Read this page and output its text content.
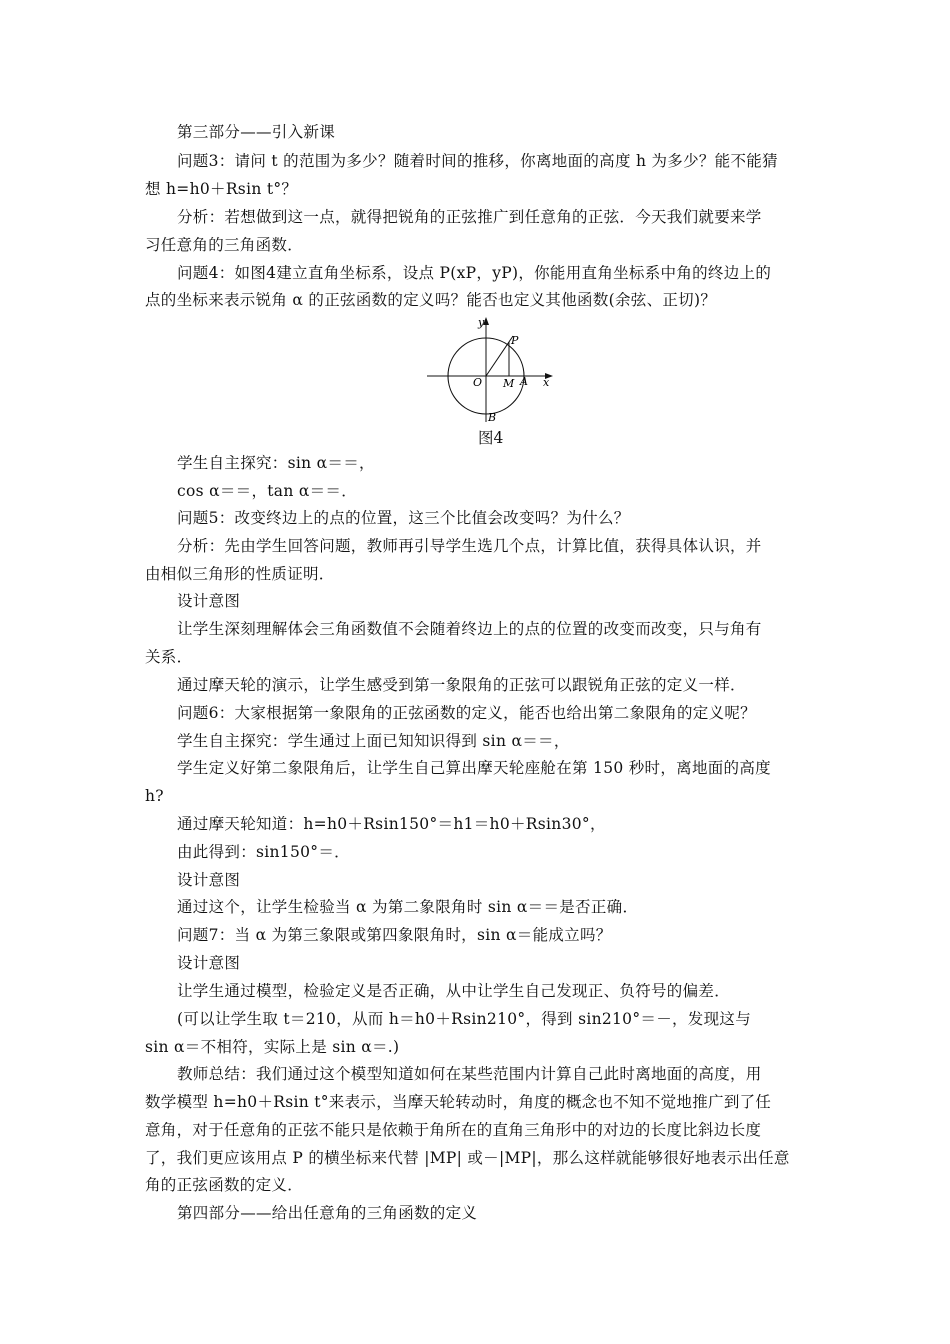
第三部分——引入新课
问题3：请问 t 的范围为多少？随着时间的推移，你离地面的高度 h 为多少？能不能猜
想 h=h0＋Rsin t°？
分析：若想做到这一点，就得把锐角的正弦推广到任意角的正弦．今天我们就要来学
习任意角的三角函数．
问题4：如图4建立直角坐标系，设点 P(xP，yP)，你能用直角坐标系中角的终边上的
点的坐标来表示锐角 α 的正弦函数的定义吗？能否也定义其他函数(余弦、正切)？
y
P
O M A x
B
图4
学生自主探究：sin α＝＝，
cos α＝＝，tan α＝＝．
问题5：改变终边上的点的位置，这三个比值会改变吗？为什么？
分析：先由学生回答问题，教师再引导学生选几个点，计算比值，获得具体认识，并
由相似三角形的性质证明．
设计意图
让学生深刻理解体会三角函数值不会随着终边上的点的位置的改变而改变，只与角有
关系．
通过摩天轮的演示，让学生感受到第一象限角的正弦可以跟锐角正弦的定义一样．
问题6：大家根据第一象限角的正弦函数的定义，能否也给出第二象限角的定义呢？
学生自主探究：学生通过上面已知知识得到 sin α＝＝，
学生定义好第二象限角后，让学生自己算出摩天轮座舱在第 150 秒时，离地面的高度
h?
通过摩天轮知道：h=h0＋Rsin150°＝h1＝h0＋Rsin30°，
由此得到：sin150°＝．
设计意图
通过这个，让学生检验当 α 为第二象限角时 sin α＝＝是否正确．
问题7：当 α 为第三象限或第四象限角时，sin α＝能成立吗？
设计意图
让学生通过模型，检验定义是否正确，从中让学生自己发现正、负符号的偏差．
(可以让学生取 t＝210，从而 h＝h0＋Rsin210°，得到 sin210°＝－，发现这与
sin α＝不相符，实际上是 sin α＝.)
教师总结：我们通过这个模型知道如何在某些范围内计算自己此时离地面的高度，用
数学模型 h=h0＋Rsin t°来表示，当摩天轮转动时，角度的概念也不知不觉地推广到了任
意角，对于任意角的正弦不能只是依赖于角所在的直角三角形中的对边的长度比斜边长度
了，我们更应该用点 P 的横坐标来代替 |MP| 或－|MP|，那么这样就能够很好地表示出任意
角的正弦函数的定义．
第四部分——给出任意角的三角函数的定义
